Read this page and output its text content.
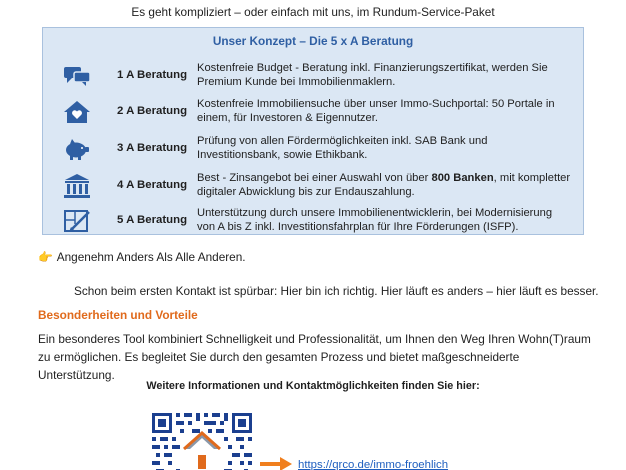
Es geht kompliziert – oder einfach mit uns, im Rundum-Service-Paket
Unser Konzept – Die 5 x A Beratung
1 A Beratung
Kostenfreie Budget - Beratung inkl. Finanzierungszertifikat, werden Sie Premium Kunde bei Immobilienmaklern.
2 A Beratung
Kostenfreie Immobiliensuche über unser Immo-Suchportal: 50 Portale in einem, für Investoren & Eigennutzer.
3 A Beratung
Prüfung von allen Fördermöglichkeiten inkl. SAB Bank und Investitionsbank, sowie Ethikbank.
4 A Beratung
Best - Zinsangebot bei einer Auswahl von über 800 Banken, mit kompletter digitaler Abwicklung bis zur Endauszahlung.
5 A Beratung
Unterstützung durch unsere Immobilienentwicklerin, bei Modernisierung von A bis Z inkl. Investitionsfahrplan für Ihre Förderungen (ISFP).
👉 Angenehm Anders Als Alle Anderen.
Schon beim ersten Kontakt ist spürbar: Hier bin ich richtig. Hier läuft es anders – hier läuft es besser.
Besonderheiten und Vorteile
Ein besonderes Tool kombiniert Schnelligkeit und Professionalität, um Ihnen den Weg Ihren Wohn(T)raum zu ermöglichen. Es begleitet Sie durch den gesamten Prozess und bietet maßgeschneiderte Unterstützung.
Weitere Informationen und Kontaktmöglichkeiten finden Sie hier:
https://qrco.de/immo-froehlich
